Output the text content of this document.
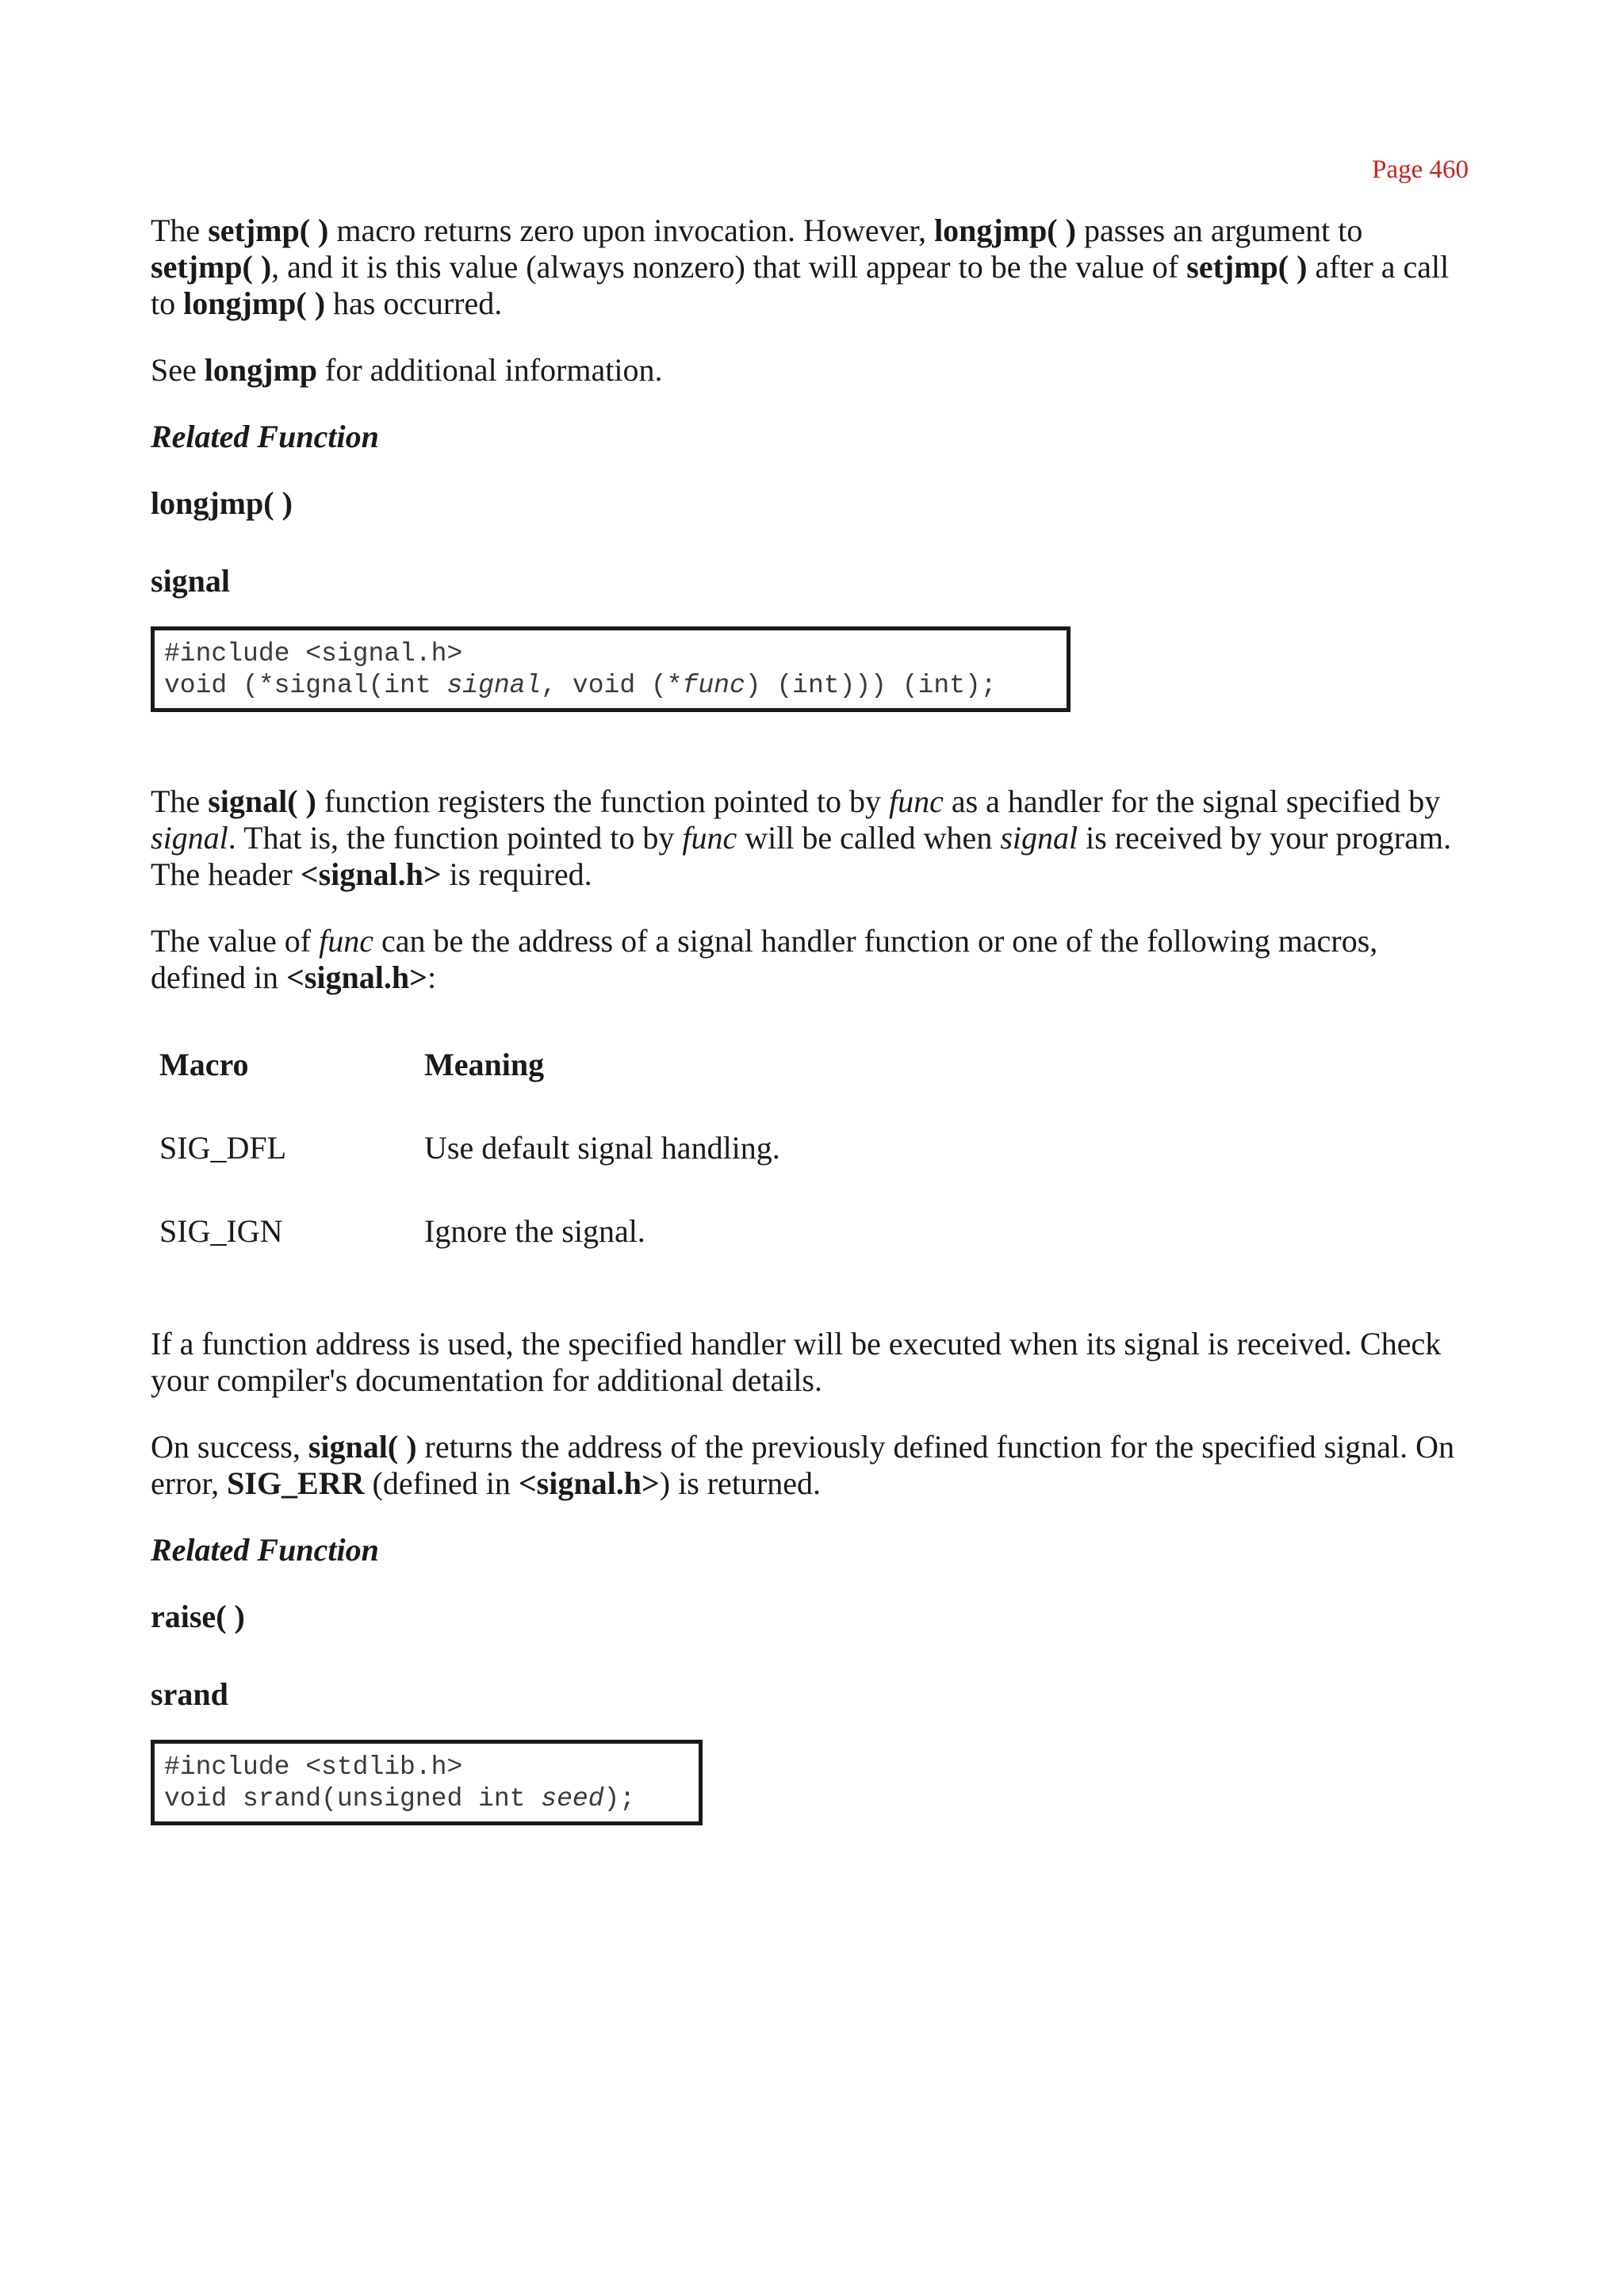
Page 460

The setjmp( ) macro returns zero upon invocation. However, longjmp( ) passes an argument to setjmp( ), and it is this value (always nonzero) that will appear to be the value of setjmp( ) after a call to longjmp( ) has occurred.

See longjmp for additional information.

Related Function

longjmp( )

signal

#include <signal.h>
void (*signal(int signal, void (*func) (int))) (int);

The signal( ) function registers the function pointed to by func as a handler for the signal specified by signal. That is, the function pointed to by func will be called when signal is received by your program. The header <signal.h> is required.

The value of func can be the address of a signal handler function or one of the following macros, defined in <signal.h>:

Macro	Meaning
SIG_DFL	Use default signal handling.
SIG_IGN	Ignore the signal.

If a function address is used, the specified handler will be executed when its signal is received. Check your compiler's documentation for additional details.

On success, signal( ) returns the address of the previously defined function for the specified signal. On error, SIG_ERR (defined in <signal.h>) is returned.

Related Function

raise( )

srand

#include <stdlib.h>
void srand(unsigned int seed);
